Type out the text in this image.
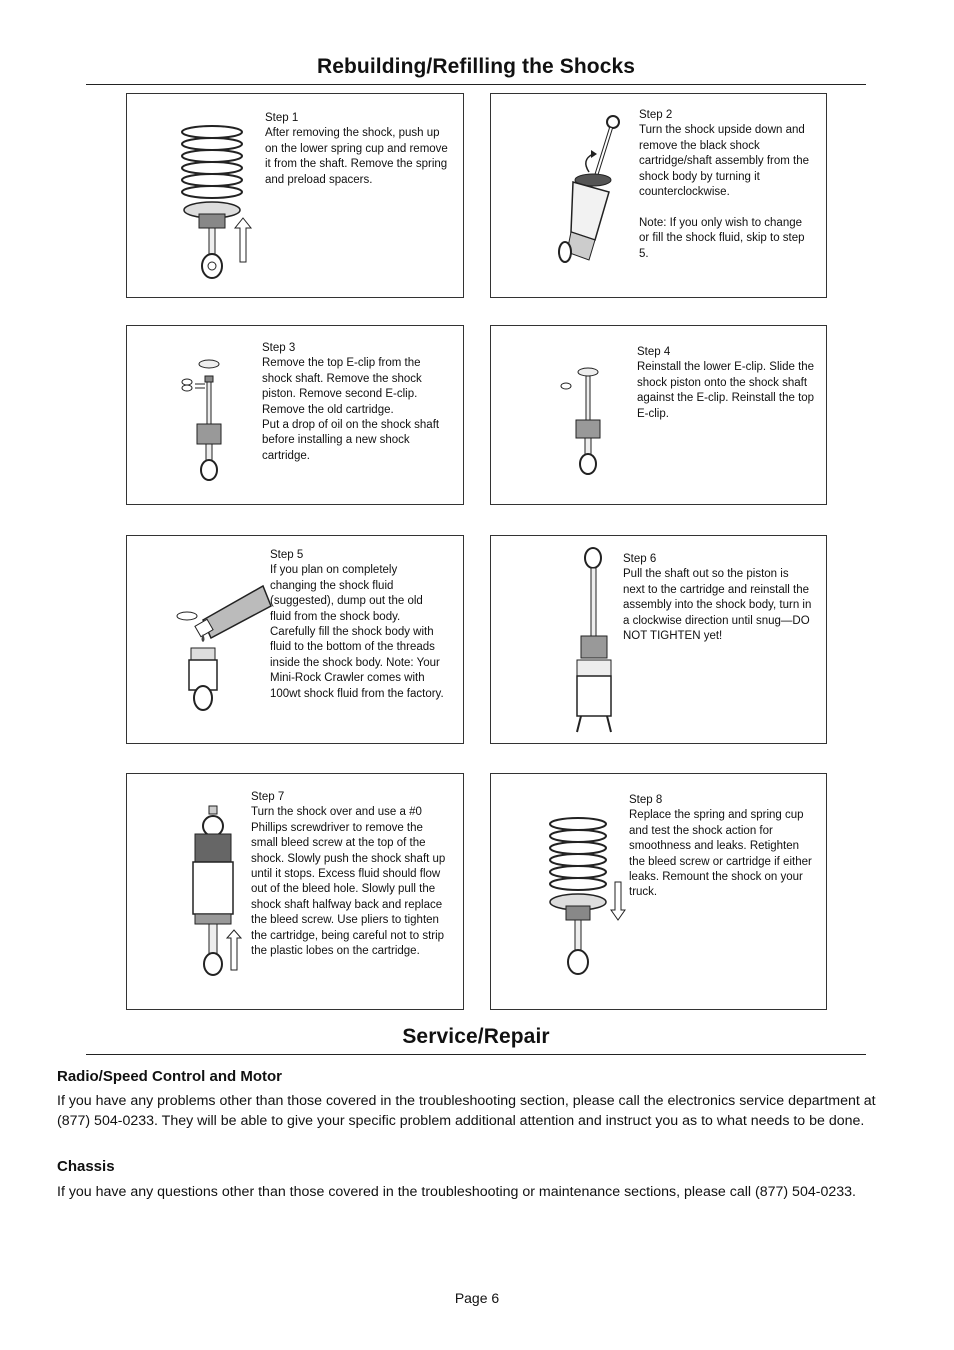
Rebuilding/Refilling the Shocks
Step 1
After removing the shock, push up on the lower spring cup and remove it from the shaft. Remove the spring and preload spacers.
Step 2
Turn the shock upside down and remove the black shock cartridge/shaft assembly from the shock body by turning it counterclockwise.

Note: If you only wish to change or fill the shock fluid, skip to step 5.
Step 3
Remove the top E-clip from the shock shaft. Remove the shock piston. Remove second E-clip. Remove the old cartridge.
Put a drop of oil on the shock shaft before installing a new shock cartridge.
Step 4
Reinstall the lower E-clip. Slide the shock piston onto the shock shaft against the E-clip. Reinstall the top E-clip.
Step 5
If you plan on completely changing the shock fluid (suggested), dump out the old fluid from the shock body. Carefully fill the shock body with fluid to the bottom of the threads inside the shock body. Note: Your Mini-Rock Crawler comes with 100wt shock fluid from the factory.
Step 6
Pull the shaft out so the piston is next to the cartridge and reinstall the assembly into the shock body, turn in a clockwise direction until snug—DO NOT TIGHTEN yet!
Step 7
Turn the shock over and use a #0 Phillips screwdriver to remove the small bleed screw at the top of the shock. Slowly push the shock shaft up until it stops. Excess fluid should flow out of the bleed hole. Slowly pull the shock shaft halfway back and replace the bleed screw. Use pliers to tighten the cartridge, being careful not to strip the plastic lobes on the cartridge.
Step 8
Replace the spring and spring cup and test the shock action for smoothness and leaks. Retighten the bleed screw or cartridge if either leaks. Remount the shock on your truck.
Service/Repair
Radio/Speed Control and Motor
If you have any problems other than those covered in the troubleshooting section, please call the electronics service department at (877) 504-0233. They will be able to give your specific problem additional attention and instruct you as to what needs to be done.
Chassis
If you have any questions other than those covered in the troubleshooting or maintenance sections, please call (877) 504-0233.
Page 6
